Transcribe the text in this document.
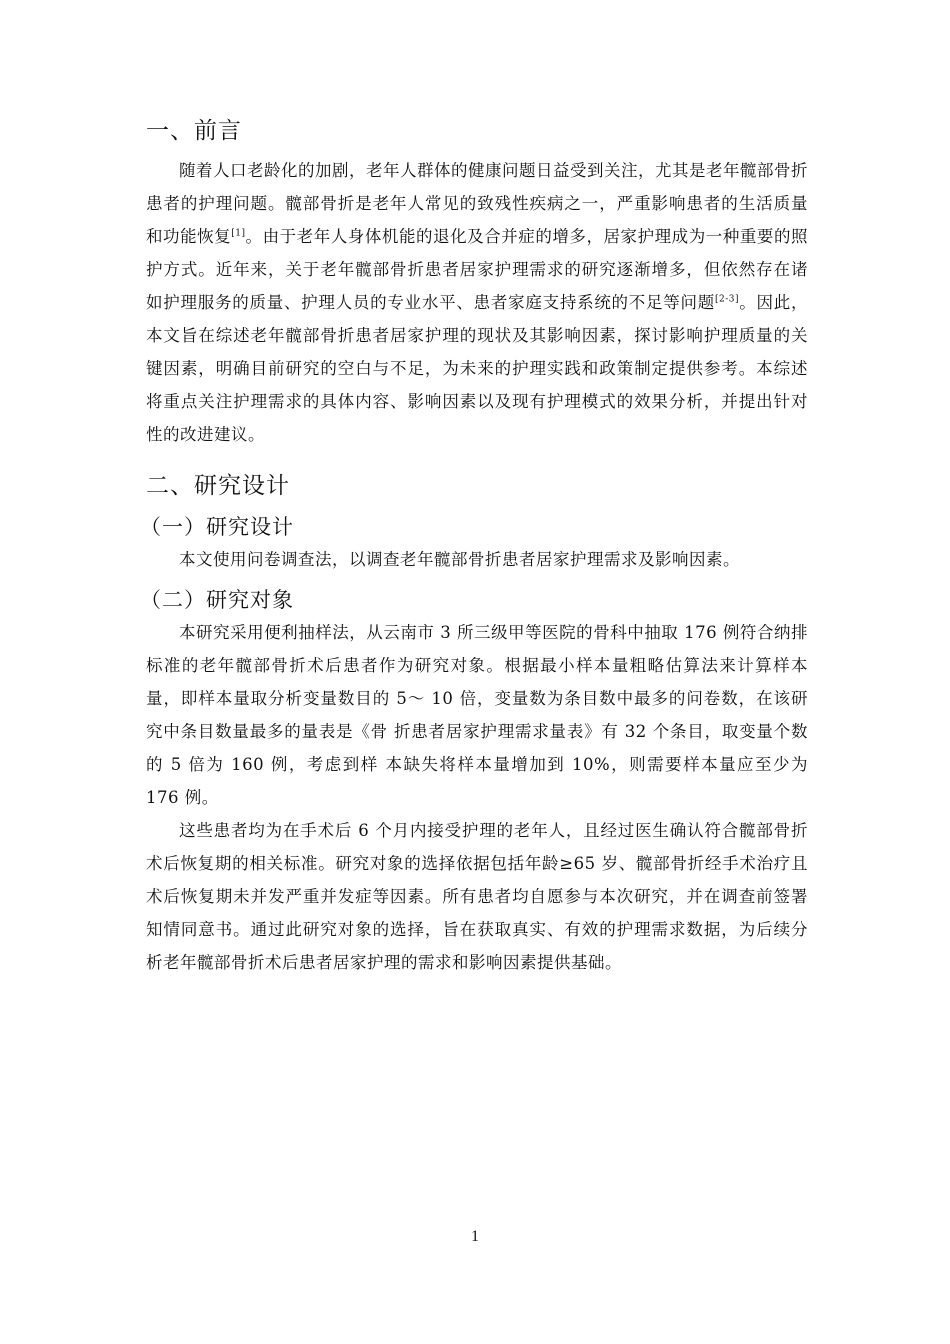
一、前言

随着人口老龄化的加剧，老年人群体的健康问题日益受到关注，尤其是老年髋部骨折患者的护理问题。髋部骨折是老年人常见的致残性疾病之一，严重影响患者的生活质量和功能恢复[1]。由于老年人身体机能的退化及合并症的增多，居家护理成为一种重要的照护方式。近年来，关于老年髋部骨折患者居家护理需求的研究逐渐增多，但依然存在诸如护理服务的质量、护理人员的专业水平、患者家庭支持系统的不足等问题[2-3]。因此，本文旨在综述老年髋部骨折患者居家护理的现状及其影响因素，探讨影响护理质量的关键因素，明确目前研究的空白与不足，为未来的护理实践和政策制定提供参考。本综述将重点关注护理需求的具体内容、影响因素以及现有护理模式的效果分析，并提出针对性的改进建议。

二、研究设计
（一）研究设计

本文使用问卷调查法，以调查老年髋部骨折患者居家护理需求及影响因素。

（二）研究对象

本研究采用便利抽样法，从云南市 3 所三级甲等医院的骨科中抽取 176 例符合纳排标准的老年髋部骨折术后患者作为研究对象。根据最小样本量粗略估算法来计算样本量，即样本量取分析变量数目的 5～ 10 倍，变量数为条目数中最多的问卷数，在该研究中条目数量最多的量表是《骨 折患者居家护理需求量表》有 32 个条目，取变量个数的 5 倍为 160 例，考虑到样 本缺失将样本量增加到 10%，则需要样本量应至少为 176 例。

这些患者均为在手术后 6 个月内接受护理的老年人，且经过医生确认符合髋部骨折术后恢复期的相关标准。研究对象的选择依据包括年龄≥65 岁、髋部骨折经手术治疗且术后恢复期未并发严重并发症等因素。所有患者均自愿参与本次研究，并在调查前签署知情同意书。通过此研究对象的选择，旨在获取真实、有效的护理需求数据，为后续分析老年髋部骨折术后患者居家护理的需求和影响因素提供基础。

1
